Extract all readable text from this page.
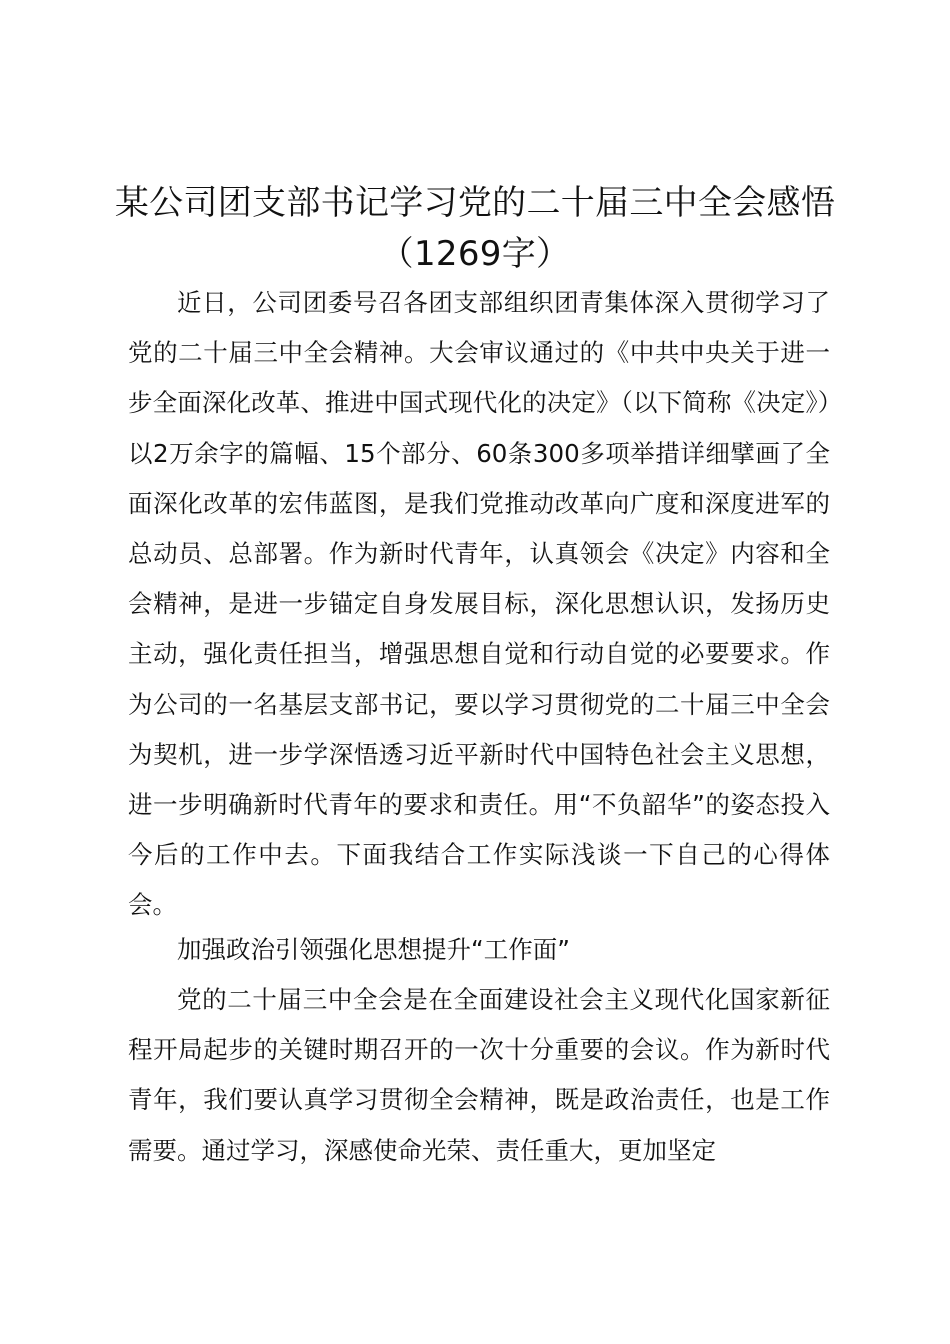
某公司团支部书记学习党的二十届三中全会感悟（1269字）

近日，公司团委号召各团支部组织团青集体深入贯彻学习了党的二十届三中全会精神。大会审议通过的《中共中央关于进一步全面深化改革、推进中国式现代化的决定》（以下简称《决定》）以2万余字的篇幅、15个部分、60条300多项举措详细擘画了全面深化改革的宏伟蓝图，是我们党推动改革向广度和深度进军的总动员、总部署。作为新时代青年，认真领会《决定》内容和全会精神，是进一步锚定自身发展目标，深化思想认识，发扬历史主动，强化责任担当，增强思想自觉和行动自觉的必要要求。作为公司的一名基层支部书记，要以学习贯彻党的二十届三中全会为契机，进一步学深悟透习近平新时代中国特色社会主义思想，进一步明确新时代青年的要求和责任。用“不负韶华”的姿态投入今后的工作中去。下面我结合工作实际浅谈一下自己的心得体会。

加强政治引领强化思想提升“工作面”

党的二十届三中全会是在全面建设社会主义现代化国家新征程开局起步的关键时期召开的一次十分重要的会议。作为新时代青年，我们要认真学习贯彻全会精神，既是政治责任，也是工作需要。通过学习，深感使命光荣、责任重大，更加坚定
